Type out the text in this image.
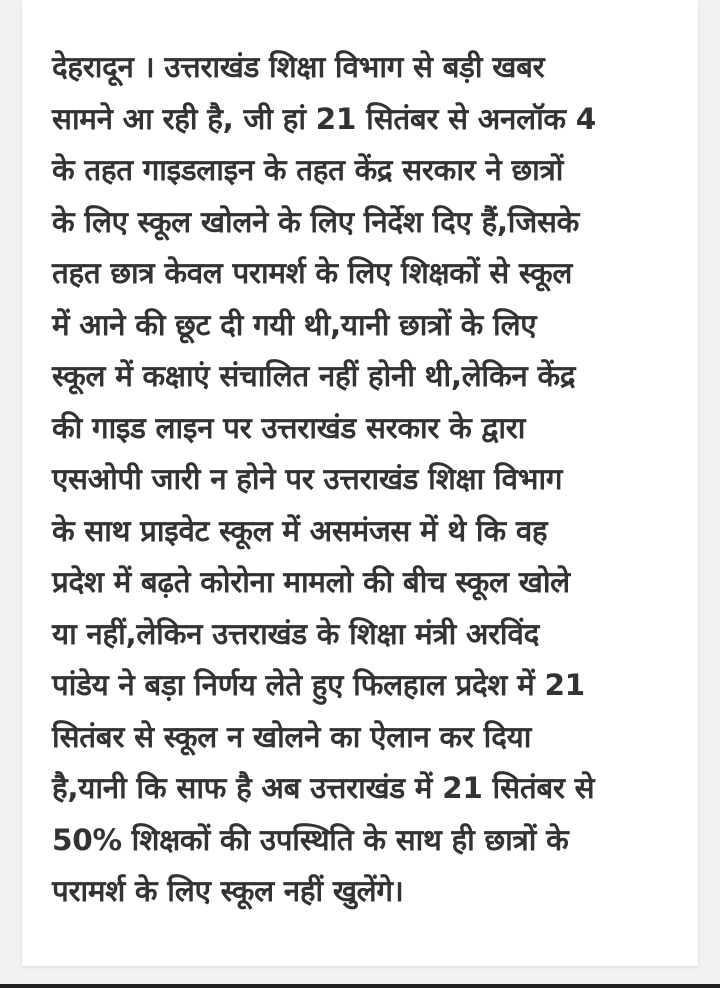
देहरादून । उत्तराखंड शिक्षा विभाग से बड़ी खबर
सामने आ रही है, जी हां 21 सितंबर से अनलॉक 4
के तहत गाइडलाइन के तहत केंद्र सरकार ने छात्रों
के लिए स्कूल खोलने के लिए निर्देश दिए हैं,जिसके
तहत छात्र केवल परामर्श के लिए शिक्षकों से स्कूल
में आने की छूट दी गयी थी,यानी छात्रों के लिए
स्कूल में कक्षाएं संचालित नहीं होनी थी,लेकिन केंद्र
की गाइड लाइन पर उत्तराखंड सरकार के द्वारा
एसओपी जारी न होने पर उत्तराखंड शिक्षा विभाग
के साथ प्राइवेट स्कूल में असमंजस में थे कि वह
प्रदेश में बढ़ते कोरोना मामलो की बीच स्कूल खोले
या नहीं,लेकिन उत्तराखंड के शिक्षा मंत्री अरविंद
पांडेय ने बड़ा निर्णय लेते हुए फिलहाल प्रदेश में 21
सितंबर से स्कूल न खोलने का ऐलान कर दिया
है,यानी कि साफ है अब उत्तराखंड में 21 सितंबर से
50% शिक्षकों की उपस्थिति के साथ ही छात्रों के
परामर्श के लिए स्कूल नहीं खुलेंगे।
